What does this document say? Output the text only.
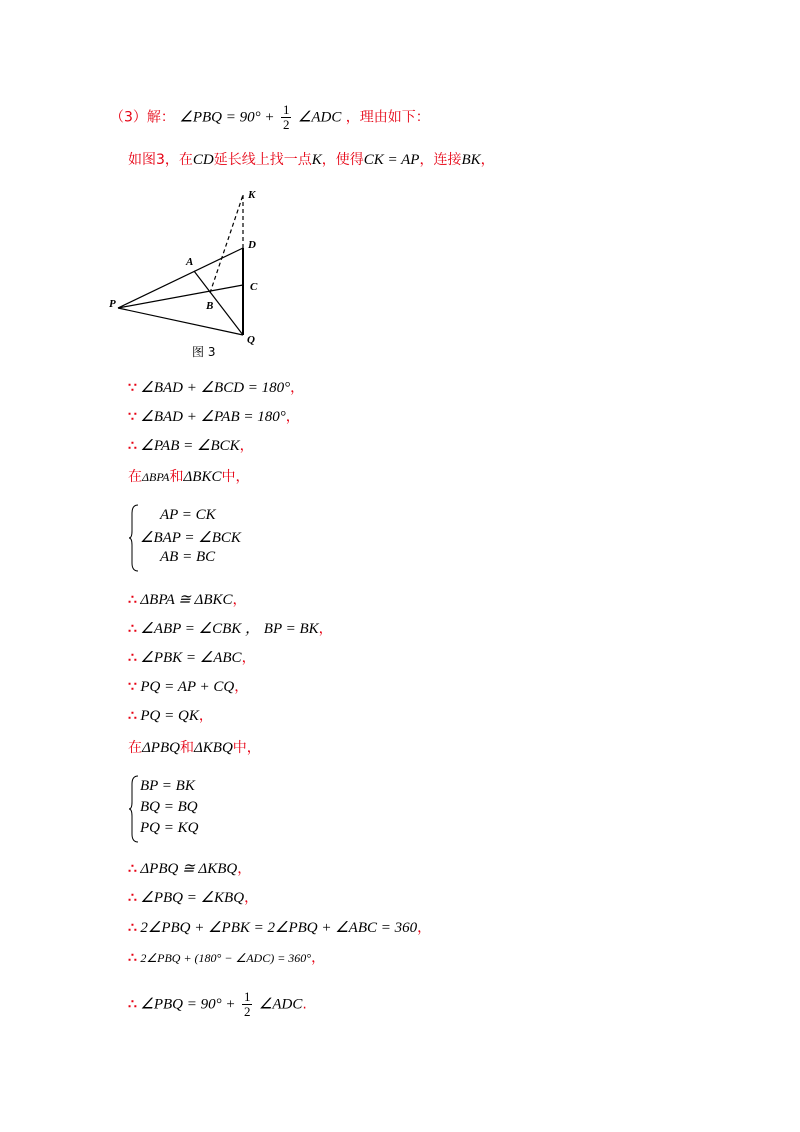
（3）解： ∠PBQ = $90^\circ + \frac{1}{2}$ ∠ADC ，理由如下：
如图3，在CD延长线上找一点K，使得CK = AP，连接BK，
K
D
A
C
P	B
Q
图 3
∵ ∠BAD + ∠BCD = 180°，
∵ ∠BAD + ∠PAB = 180°，
∴ ∠PAB = ∠BCK，
在ΔBPA和ΔBKC中，
AP = CK
∠BAP = ∠BCK
AB = BC
∴ ΔBPA ≅ ΔBKC，
∴ ∠ABP = ∠CBK ， BP = BK，
∴ ∠PBK = ∠ABC，
∵ PQ = AP + CQ，
∴ PQ = QK，
在ΔPBQ和ΔKBQ中，
BP = BK
BQ = BQ
PQ = KQ
∴ ΔPBQ ≅ ΔKBQ，
∴ ∠PBQ = ∠KBQ，
∴ 2∠PBQ + ∠PBK = 2∠PBQ + ∠ABC = 360，
∴ 2∠PBQ + (180° − ∠ADC) = 360°，
∴ ∠PBQ = $90^\circ + \frac{1}{2}$ ∠ADC.
